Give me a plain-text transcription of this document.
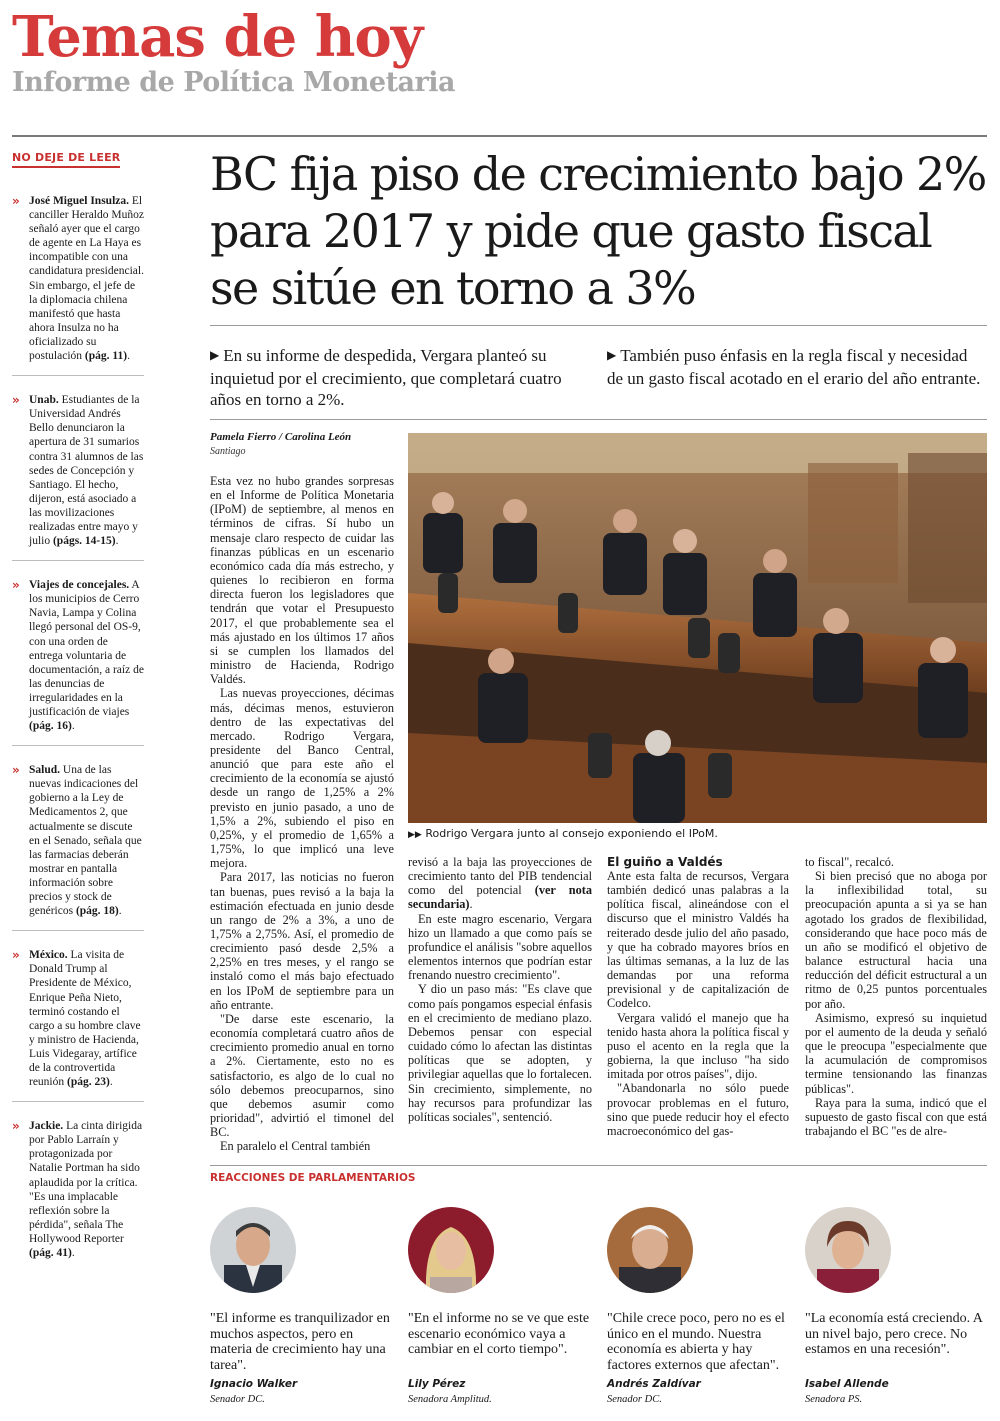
Temas de hoy
Informe de Política Monetaria
NO DEJE DE LEER
» José Miguel Insulza. El canciller Heraldo Muñoz señaló ayer que el cargo de agente en La Haya es incompatible con una candidatura presidencial. Sin embargo, el jefe de la diplomacia chilena manifestó que hasta ahora Insulza no ha oficializado su postulación (pág. 11).
» Unab. Estudiantes de la Universidad Andrés Bello denunciaron la apertura de 31 sumarios contra 31 alumnos de las sedes de Concepción y Santiago. El hecho, dijeron, está asociado a las movilizaciones realizadas entre mayo y julio (págs. 14-15).
» Viajes de concejales. A los municipios de Cerro Navia, Lampa y Colina llegó personal del OS-9, con una orden de entrega voluntaria de documentación, a raíz de las denuncias de irregularidades en la justificación de viajes (pág. 16).
» Salud. Una de las nuevas indicaciones del gobierno a la Ley de Medicamentos 2, que actualmente se discute en el Senado, señala que las farmacias deberán mostrar en pantalla información sobre precios y stock de genéricos (pág. 18).
» México. La visita de Donald Trump al Presidente de México, Enrique Peña Nieto, terminó costando el cargo a su hombre clave y ministro de Hacienda, Luis Videgaray, artífice de la controvertida reunión (pág. 23).
» Jackie. La cinta dirigida por Pablo Larraín y protagonizada por Natalie Portman ha sido aplaudida por la crítica. "Es una implacable reflexión sobre la pérdida", señala The Hollywood Reporter (pág. 41).
BC fija piso de crecimiento bajo 2% para 2017 y pide que gasto fiscal se sitúe en torno a 3%
▶ En su informe de despedida, Vergara planteó su inquietud por el crecimiento, que completará cuatro años en torno a 2%.
▶ También puso énfasis en la regla fiscal y necesidad de un gasto fiscal acotado en el erario del año entrante.
Pamela Fierro / Carolina León
Santiago
▶▶ Rodrigo Vergara junto al consejo exponiendo el IPoM.

Esta vez no hubo grandes sorpresas en el Informe de Política Monetaria (IPoM) de septiembre, al menos en términos de cifras. Sí hubo un mensaje claro respecto de cuidar las finanzas públicas en un escenario económico cada día más estrecho, y quienes lo recibieron en forma directa fueron los legisladores que tendrán que votar el Presupuesto 2017, el que probablemente sea el más ajustado en los últimos 17 años si se cumplen los llamados del ministro de Hacienda, Rodrigo Valdés.

Las nuevas proyecciones, décimas más, décimas menos, estuvieron dentro de las expectativas del mercado. Rodrigo Vergara, presidente del Banco Central, anunció que para este año el crecimiento de la economía se ajustó desde un rango de 1,25% a 2% previsto en junio pasado, a uno de 1,5% a 2%, subiendo el piso en 0,25%, y el promedio de 1,65% a 1,75%, lo que implicó una leve mejora.

Para 2017, las noticias no fueron tan buenas, pues revisó a la baja la estimación efectuada en junio desde un rango de 2% a 3%, a uno de 1,75% a 2,75%. Así, el promedio de crecimiento pasó desde 2,5% a 2,25% en tres meses, y el rango se instaló como el más bajo efectuado en los IPoM de septiembre para un año entrante.

"De darse este escenario, la economía completará cuatro años de crecimiento promedio anual en torno a 2%. Ciertamente, esto no es satisfactorio, es algo de lo cual no sólo debemos preocuparnos, sino que debemos asumir como prioridad", advirtió el timonel del BC.

En paralelo el Central también

revisó a la baja las proyecciones de crecimiento tanto del PIB tendencial como del potencial (ver nota secundaria).

En este magro escenario, Vergara hizo un llamado a que como país se profundice el análisis "sobre aquellos elementos internos que podrían estar frenando nuestro crecimiento".

Y dio un paso más: "Es clave que como país pongamos especial énfasis en el crecimiento de mediano plazo. Debemos pensar con especial cuidado cómo lo afectan las distintas políticas que se adopten, y privilegiar aquellas que lo fortalecen. Sin crecimiento, simplemente, no hay recursos para profundizar las políticas sociales", sentenció.

El guiño a Valdés

Ante esta falta de recursos, Vergara también dedicó unas palabras a la política fiscal, alineándose con el discurso que el ministro Valdés ha reiterado desde julio del año pasado, y que ha cobrado mayores bríos en las últimas semanas, a la luz de las demandas por una reforma previsional y de capitalización de Codelco.

Vergara validó el manejo que ha tenido hasta ahora la política fiscal y puso el acento en la regla que la gobierna, la que incluso "ha sido imitada por otros países", dijo.

"Abandonarla no sólo puede provocar problemas en el futuro, sino que puede reducir hoy el efecto macroeconómico del gas-

to fiscal", recalcó.

Si bien precisó que no aboga por la inflexibilidad total, su preocupación apunta a si ya se han agotado los grados de flexibilidad, considerando que hace poco más de un año se modificó el objetivo de balance estructural hacia una reducción del déficit estructural a un ritmo de 0,25 puntos porcentuales por año.

Asimismo, expresó su inquietud por el aumento de la deuda y señaló que le preocupa "especialmente que la acumulación de compromisos termine tensionando las finanzas públicas".

Raya para la suma, indicó que el supuesto de gasto fiscal con que está trabajando el BC "es de alre-

REACCIONES DE PARLAMENTARIOS
"El informe es tranquilizador en muchos aspectos, pero en materia de crecimiento hay una tarea".
Ignacio Walker
Senador DC.
"En el informe no se ve que este escenario económico vaya a cambiar en el corto tiempo".
Lily Pérez
Senadora Amplitud.
"Chile crece poco, pero no es el único en el mundo. Nuestra economía es abierta y hay factores externos que afectan".
Andrés Zaldívar
Senador DC.
"La economía está creciendo. A un nivel bajo, pero crece. No estamos en una recesión".
Isabel Allende
Senadora PS.
